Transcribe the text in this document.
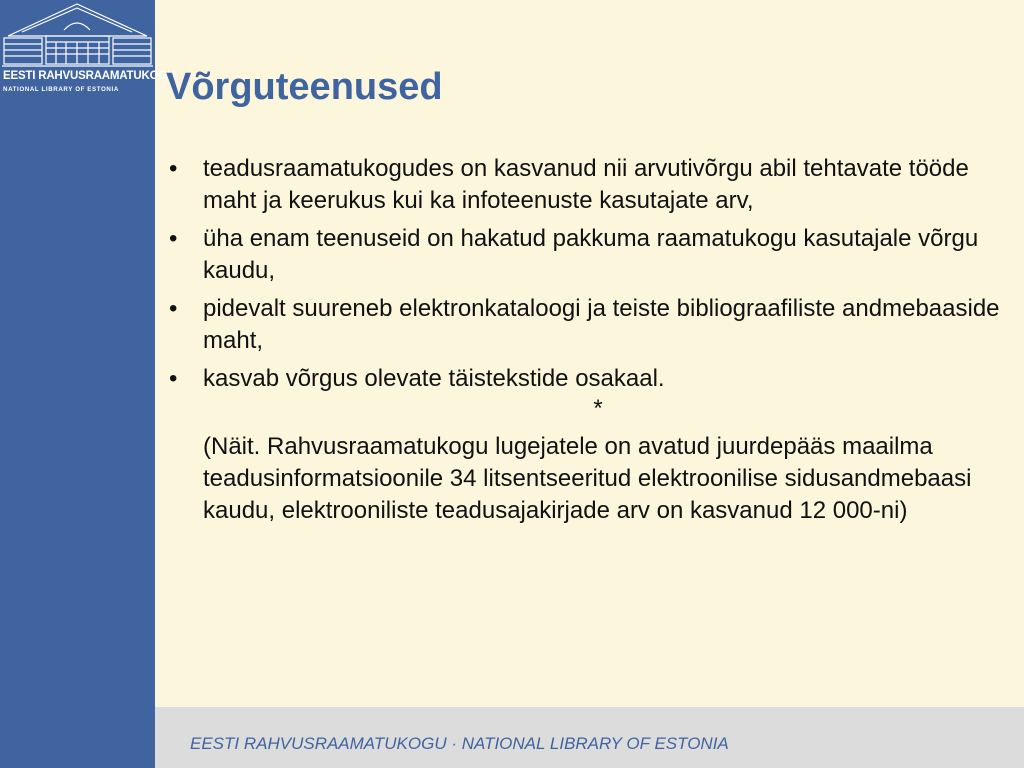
EESTI RAHVUSRAAMATUKOGU
NATIONAL LIBRARY OF ESTONIA	Võrguteenused
• teadusraamatukogudes on kasvanud nii arvutivõrgu abil tehtavate tööde maht ja keerukus kui ka infoteenuste kasutajate arv,
• üha enam teenuseid on hakatud pakkuma raamatukogu kasutajale võrgu kaudu,
• pidevalt suureneb elektronkataloogi ja teiste bibliograafiliste andmebaaside maht,
• kasvab võrgus olevate täistekstide osakaal.
*
(Näit. Rahvusraamatukogu lugejatele on avatud juurdepääs maailma teadusinformatsioonile 34 litsentseeritud elektroonilise sidusandmebaasi kaudu, elektrooniliste teadusajakirjade arv on kasvanud 12 000-ni)
EESTI RAHVUSRAAMATUKOGU · NATIONAL LIBRARY OF ESTONIA
